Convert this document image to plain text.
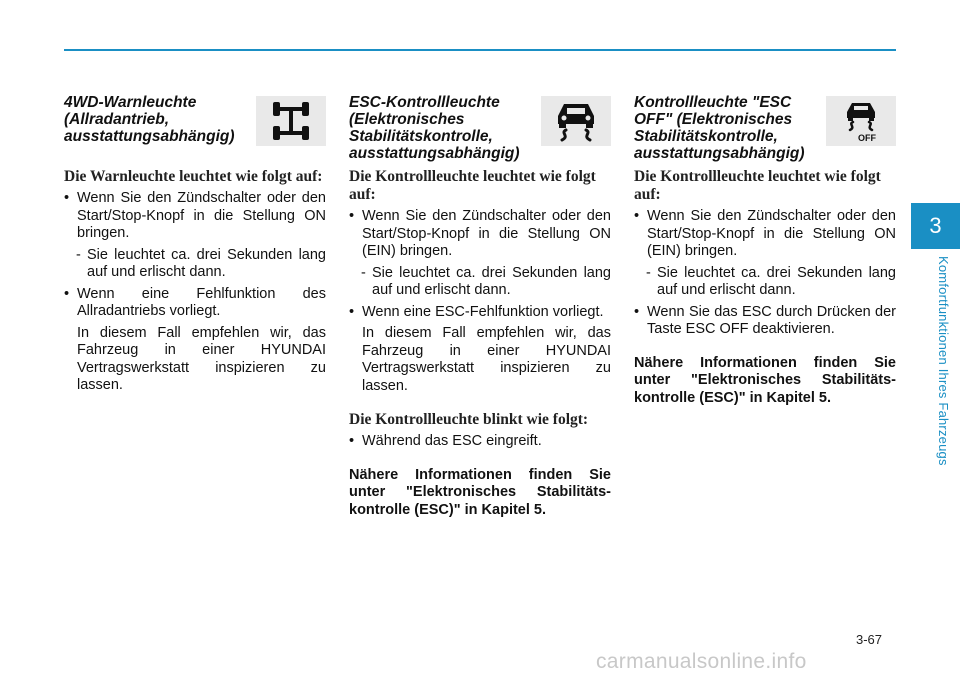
4WD-Warnleuchte (Allradantrieb, ausstattungsabhängig)
Die Warnleuchte leuchtet wie folgt auf:
• Wenn Sie den Zündschalter oder den Start/Stop-Knopf in die Stellung ON bringen.
- Sie leuchtet ca. drei Sekunden lang auf und erlischt dann.
• Wenn eine Fehlfunktion des Allradantriebs vorliegt.
In diesem Fall empfehlen wir, das Fahrzeug in einer HYUNDAI Vertragswerkstatt inspizieren zu lassen.
ESC-Kontrollleuchte (Elektronisches Stabilitätskontrolle, ausstattungsabhängig)
Die Kontrollleuchte leuchtet wie folgt auf:
• Wenn Sie den Zündschalter oder den Start/Stop-Knopf in die Stellung ON (EIN) bringen.
- Sie leuchtet ca. drei Sekunden lang auf und erlischt dann.
• Wenn eine ESC-Fehlfunktion vorliegt.
In diesem Fall empfehlen wir, das Fahrzeug in einer HYUNDAI Vertragswerkstatt inspizieren zu lassen.
Die Kontrollleuchte blinkt wie folgt:
• Während das ESC eingreift.
Nähere Informationen finden Sie unter "Elektronisches Stabilitäts-kontrolle (ESC)" in Kapitel 5.
Kontrollleuchte "ESC OFF" (Elektronisches Stabilitätskontrolle, ausstattungsabhängig)
OFF
Die Kontrollleuchte leuchtet wie folgt auf:
• Wenn Sie den Zündschalter oder den Start/Stop-Knopf in die Stellung ON (EIN) bringen.
- Sie leuchtet ca. drei Sekunden lang auf und erlischt dann.
• Wenn Sie das ESC durch Drücken der Taste ESC OFF deaktivieren.
Nähere Informationen finden Sie unter "Elektronisches Stabilitäts-kontrolle (ESC)" in Kapitel 5.
3
Komfortfunktionen Ihres Fahrzeugs
3-67
carmanualsonline.info
